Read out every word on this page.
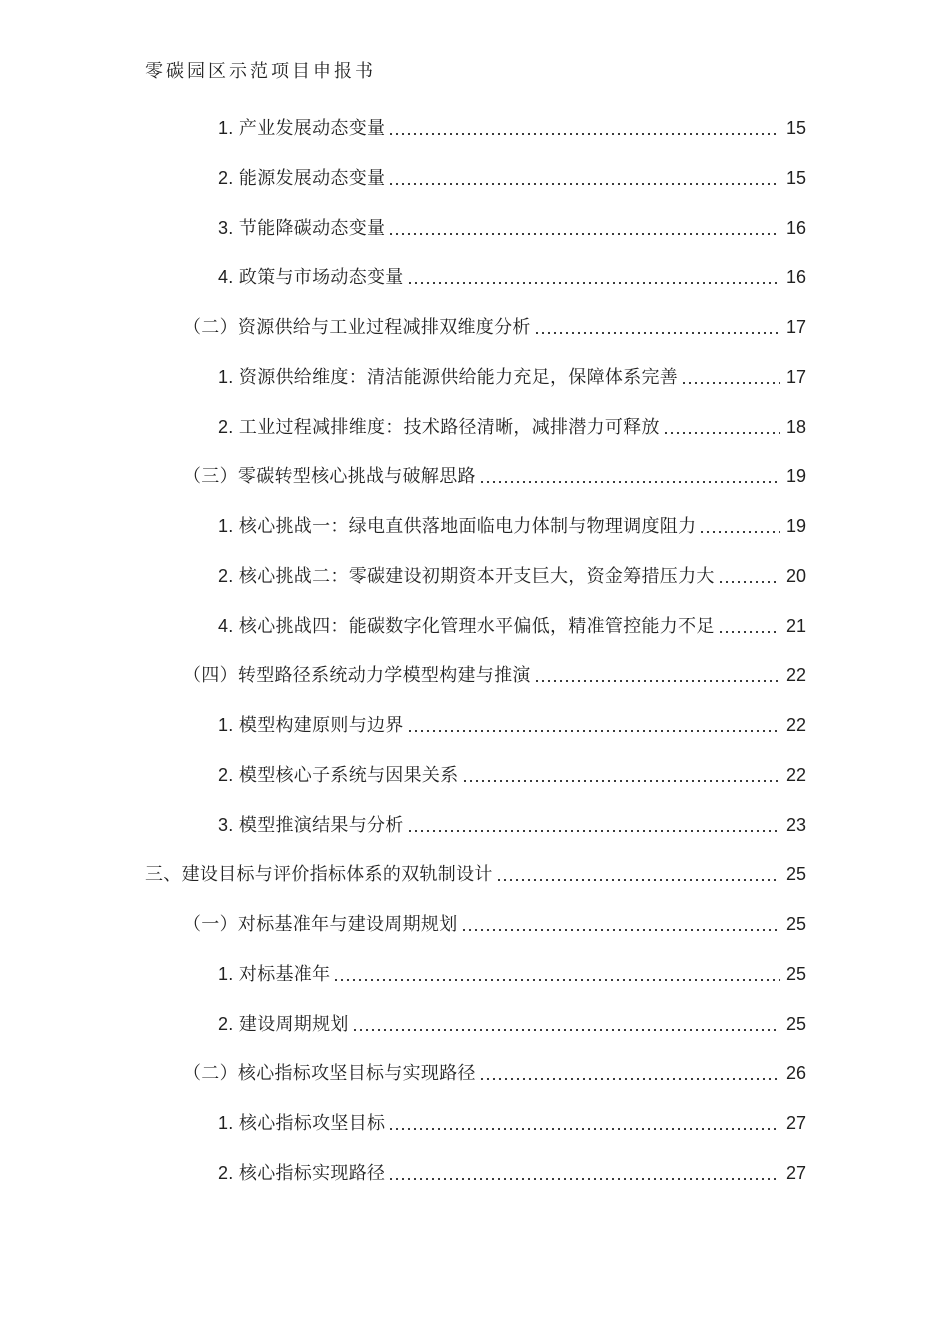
零碳园区示范项目申报书
1. 产业发展动态变量	15
2. 能源发展动态变量	15
3. 节能降碳动态变量	16
4. 政策与市场动态变量	16
（二）资源供给与工业过程减排双维度分析	17
1. 资源供给维度：清洁能源供给能力充足，保障体系完善	17
2. 工业过程减排维度：技术路径清晰，减排潜力可释放	18
（三）零碳转型核心挑战与破解思路	19
1. 核心挑战一：绿电直供落地面临电力体制与物理调度阻力	19
2. 核心挑战二：零碳建设初期资本开支巨大，资金筹措压力大	20
4. 核心挑战四：能碳数字化管理水平偏低，精准管控能力不足	21
（四）转型路径系统动力学模型构建与推演	22
1. 模型构建原则与边界	22
2. 模型核心子系统与因果关系	22
3. 模型推演结果与分析	23
三、建设目标与评价指标体系的双轨制设计	25
（一）对标基准年与建设周期规划	25
1. 对标基准年	25
2. 建设周期规划	25
（二）核心指标攻坚目标与实现路径	26
1. 核心指标攻坚目标	27
2. 核心指标实现路径	27
